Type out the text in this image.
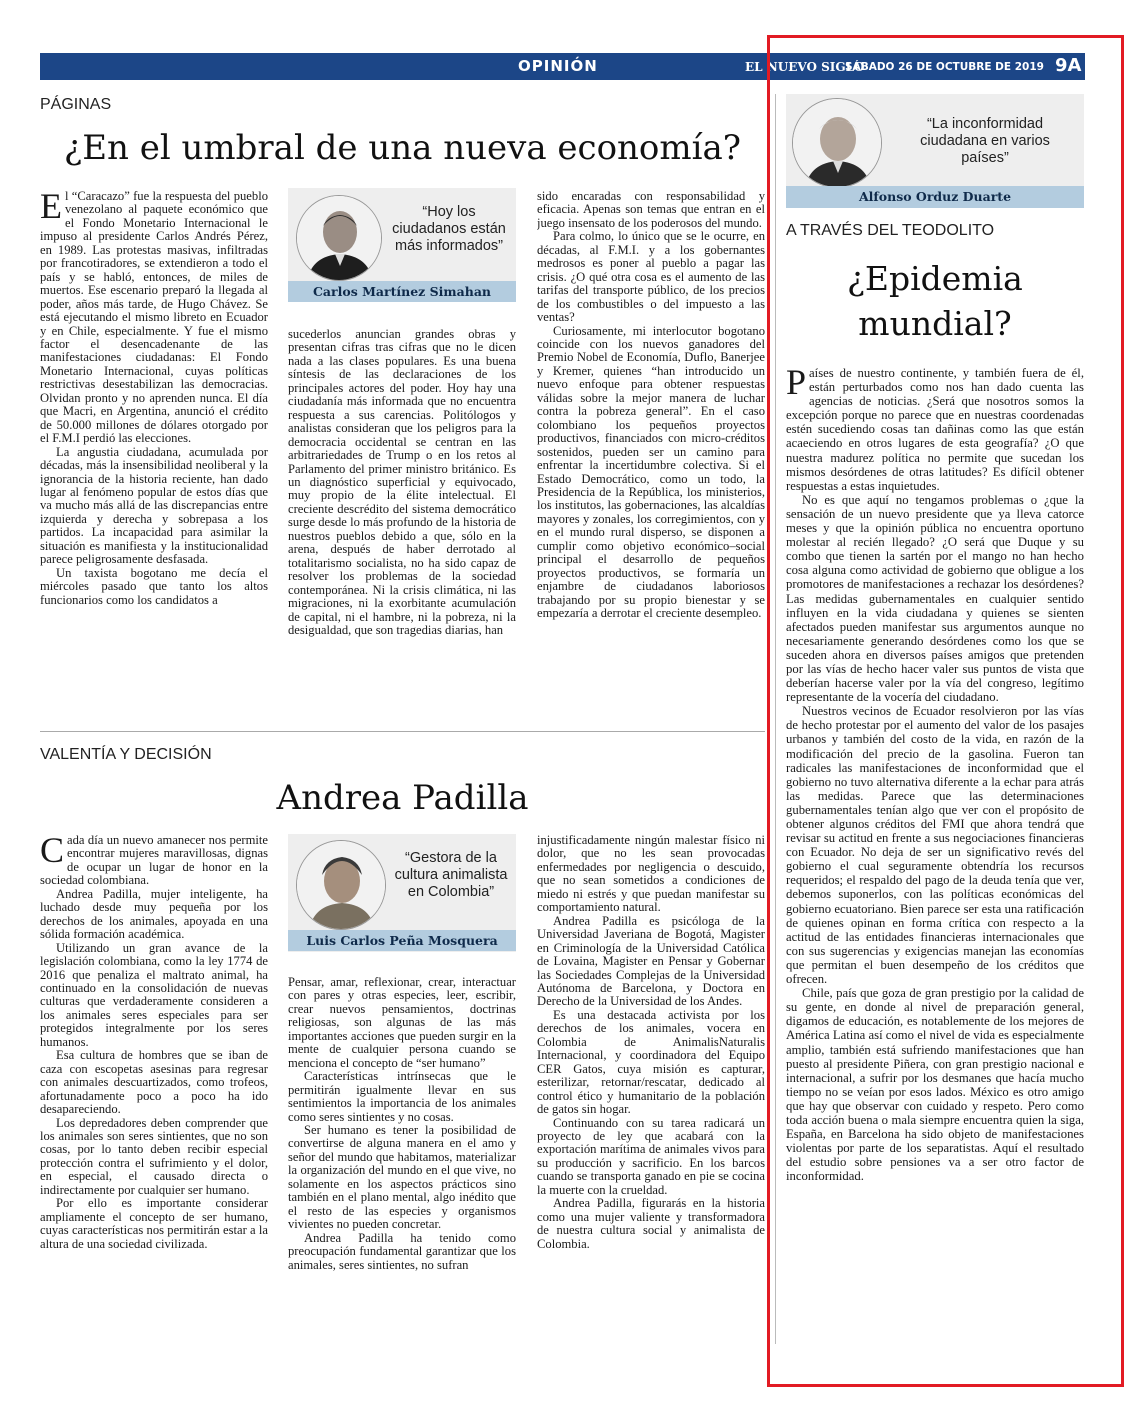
OPINIÓN	EL NUEVO SIGLO
SÁBADO 26 DE OCTUBRE DE 2019 9A
PÁGINAS
¿En el umbral de una nueva economía?

El “Caracazo” fue la respuesta del pueblo venezolano al paquete económico que el Fondo Monetario Internacional le impuso al presidente Carlos Andrés Pérez, en 1989. Las protestas masivas, infiltradas por francotiradores, se extendieron a todo el país y se habló, entonces, de miles de muertos. Ese escenario preparó la llegada al poder, años más tarde, de Hugo Chávez. Se está ejecutando el mismo libreto en Ecuador y en Chile, especialmente. Y fue el mismo factor el desencadenante de las manifestaciones ciudadanas: El Fondo Monetario Internacional, cuyas políticas restrictivas desestabilizan las democracias. Olvidan pronto y no aprenden nunca. El día que Macri, en Argentina, anunció el crédito de 50.000 millones de dólares otorgado por el F.M.I perdió las elecciones.

La angustia ciudadana, acumulada por décadas, más la insensibilidad neoliberal y la ignorancia de la historia reciente, han dado lugar al fenómeno popular de estos días que va mucho más allá de las discrepancias entre izquierda y derecha y sobrepasa a los partidos. La incapacidad para asimilar la situación es manifiesta y la institucionalidad parece peligrosamente desfasada.

Un taxista bogotano me decía el miércoles pasado que tanto los altos funcionarios como los candidatos a

“Hoy los ciudadanos están más informados”
Carlos Martínez Simahan

sucederlos anuncian grandes obras y presentan cifras tras cifras que no le dicen nada a las clases populares. Es una buena síntesis de las declaraciones de los principales actores del poder. Hoy hay una ciudadanía más informada que no encuentra respuesta a sus carencias. Politólogos y analistas consideran que los peligros para la democracia occidental se centran en las arbitrariedades de Trump o en los retos al Parlamento del primer ministro británico. Es un diagnóstico superficial y equivocado, muy propio de la élite intelectual. El creciente descrédito del sistema democrático surge desde lo más profundo de la historia de nuestros pueblos debido a que, sólo en la arena, después de haber derrotado al totalitarismo socialista, no ha sido capaz de resolver los problemas de la sociedad contemporánea. Ni la crisis climática, ni las migraciones, ni la exorbitante acumulación de capital, ni el hambre, ni la pobreza, ni la desigualdad, que son tragedias diarias, han

sido encaradas con responsabilidad y eficacia. Apenas son temas que entran en el juego insensato de los poderosos del mundo.

Para colmo, lo único que se le ocurre, en décadas, al F.M.I. y a los gobernantes medrosos es poner al pueblo a pagar las crisis. ¿O qué otra cosa es el aumento de las tarifas del transporte público, de los precios de los combustibles o del impuesto a las ventas?

Curiosamente, mi interlocutor bogotano coincide con los nuevos ganadores del Premio Nobel de Economía, Duflo, Banerjee y Kremer, quienes “han introducido un nuevo enfoque para obtener respuestas válidas sobre la mejor manera de luchar contra la pobreza general”. En el caso colombiano los pequeños proyectos productivos, financiados con micro-créditos sostenidos, pueden ser un camino para enfrentar la incertidumbre colectiva. Si el Estado Democrático, como un todo, la Presidencia de la República, los ministerios, los institutos, las gobernaciones, las alcaldías mayores y zonales, los corregimientos, con y en el mundo rural disperso, se disponen a cumplir como objetivo económico–social principal el desarrollo de pequeños proyectos productivos, se formaría un enjambre de ciudadanos laboriosos trabajando por su propio bienestar y se empezaría a derrotar el creciente desempleo.

VALENTÍA Y DECISIÓN
Andrea Padilla

Cada día un nuevo amanecer nos permite encontrar mujeres maravillosas, dignas de ocupar un lugar de honor en la sociedad colombiana.

Andrea Padilla, mujer inteligente, ha luchado desde muy pequeña por los derechos de los animales, apoyada en una sólida formación académica.

Utilizando un gran avance de la legislación colombiana, como la ley 1774 de 2016 que penaliza el maltrato animal, ha continuado en la consolidación de nuevas culturas que verdaderamente consideren a los animales seres especiales para ser protegidos integralmente por los seres humanos.

Esa cultura de hombres que se iban de caza con escopetas asesinas para regresar con animales descuartizados, como trofeos, afortunadamente poco a poco ha ido desapareciendo.

Los depredadores deben comprender que los animales son seres sintientes, que no son cosas, por lo tanto deben recibir especial protección contra el sufrimiento y el dolor, en especial, el causado directa o indirectamente por cualquier ser humano.

Por ello es importante considerar ampliamente el concepto de ser humano, cuyas características nos permitirán estar a la altura de una sociedad civilizada.

“Gestora de la cultura animalista en Colombia”
Luis Carlos Peña Mosquera

Pensar, amar, reflexionar, crear, interactuar con pares y otras especies, leer, escribir, crear nuevos pensamientos, doctrinas religiosas, son algunas de las más importantes acciones que pueden surgir en la mente de cualquier persona cuando se menciona el concepto de “ser humano”

Características intrínsecas que le permitirán igualmente llevar en sus sentimientos la importancia de los animales como seres sintientes y no cosas.

Ser humano es tener la posibilidad de convertirse de alguna manera en el amo y señor del mundo que habitamos, materializar la organización del mundo en el que vive, no solamente en los aspectos prácticos sino también en el plano mental, algo inédito que el resto de las especies y organismos vivientes no pueden concretar.

Andrea Padilla ha tenido como preocupación fundamental garantizar que los animales, seres sintientes, no sufran

injustificadamente ningún malestar físico ni dolor, que no les sean provocadas enfermedades por negligencia o descuido, que no sean sometidos a condiciones de miedo ni estrés y que puedan manifestar su comportamiento natural.

Andrea Padilla es psicóloga de la Universidad Javeriana de Bogotá, Magister en Criminología de la Universidad Católica de Lovaina, Magister en Pensar y Gobernar las Sociedades Complejas de la Universidad Autónoma de Barcelona, y Doctora en Derecho de la Universidad de los Andes.

Es una destacada activista por los derechos de los animales, vocera en Colombia de AnimalisNaturalis Internacional, y coordinadora del Equipo CER Gatos, cuya misión es capturar, esterilizar, retornar/rescatar, dedicado al control ético y humanitario de la población de gatos sin hogar.

Continuando con su tarea radicará un proyecto de ley que acabará con la exportación marítima de animales vivos para su producción y sacrificio. En los barcos cuando se transporta ganado en pie se cocina la muerte con la crueldad.

Andrea Padilla, figurarás en la historia como una mujer valiente y transformadora de nuestra cultura social y animalista de Colombia.

“La inconformidad ciudadana en varios países”
Alfonso Orduz Duarte
A TRAVÉS DEL TEODOLITO
¿Epidemia mundial?

Países de nuestro continente, y también fuera de él, están perturbados como nos han dado cuenta las agencias de noticias. ¿Será que nosotros somos la excepción porque no parece que en nuestras coordenadas estén sucediendo cosas tan dañinas como las que están acaeciendo en otros lugares de esta geografía? ¿O que nuestra madurez política no permite que sucedan los mismos desórdenes de otras latitudes? Es difícil obtener respuestas a estas inquietudes.

No es que aquí no tengamos problemas o ¿que la sensación de un nuevo presidente que ya lleva catorce meses y que la opinión pública no encuentra oportuno molestar al recién llegado? ¿O será que Duque y su combo que tienen la sartén por el mango no han hecho cosa alguna como actividad de gobierno que obligue a los promotores de manifestaciones a rechazar los desórdenes? Las medidas gubernamentales en cualquier sentido influyen en la vida ciudadana y quienes se sienten afectados pueden manifestar sus argumentos aunque no necesariamente generando desórdenes como los que se suceden ahora en diversos países amigos que pretenden por las vías de hecho hacer valer sus puntos de vista que deberían hacerse valer por la vía del congreso, legítimo representante de la vocería del ciudadano.

Nuestros vecinos de Ecuador resolvieron por las vías de hecho protestar por el aumento del valor de los pasajes urbanos y también del costo de la vida, en razón de la modificación del precio de la gasolina. Fueron tan radicales las manifestaciones de inconformidad que el gobierno no tuvo alternativa diferente a la echar para atrás las medidas. Parece que las determinaciones gubernamentales tenían algo que ver con el propósito de obtener algunos créditos del FMI que ahora tendrá que revisar su actitud en frente a sus negociaciones financieras con Ecuador. No deja de ser un significativo revés del gobierno el cual seguramente obtendría los recursos requeridos; el respaldo del pago de la deuda tenía que ver, debemos suponerlos, con las políticas económicas del gobierno ecuatoriano. Bien parece ser esta una ratificación de quienes opinan en forma crítica con respecto a la actitud de las entidades financieras internacionales que con sus sugerencias y exigencias manejan las economías que permitan el buen desempeño de los créditos que ofrecen.

Chile, país que goza de gran prestigio por la calidad de su gente, en donde al nivel de preparación general, digamos de educación, es notablemente de los mejores de América Latina así como el nivel de vida es especialmente amplio, también está sufriendo manifestaciones que han puesto al presidente Piñera, con gran prestigio nacional e internacional, a sufrir por los desmanes que hacía mucho tiempo no se veían por esos lados. México es otro amigo que hay que observar con cuidado y respeto. Pero como toda acción buena o mala siempre encuentra quien la siga, España, en Barcelona ha sido objeto de manifestaciones violentas por parte de los separatistas. Aquí el resultado del estudio sobre pensiones va a ser otro factor de inconformidad.
